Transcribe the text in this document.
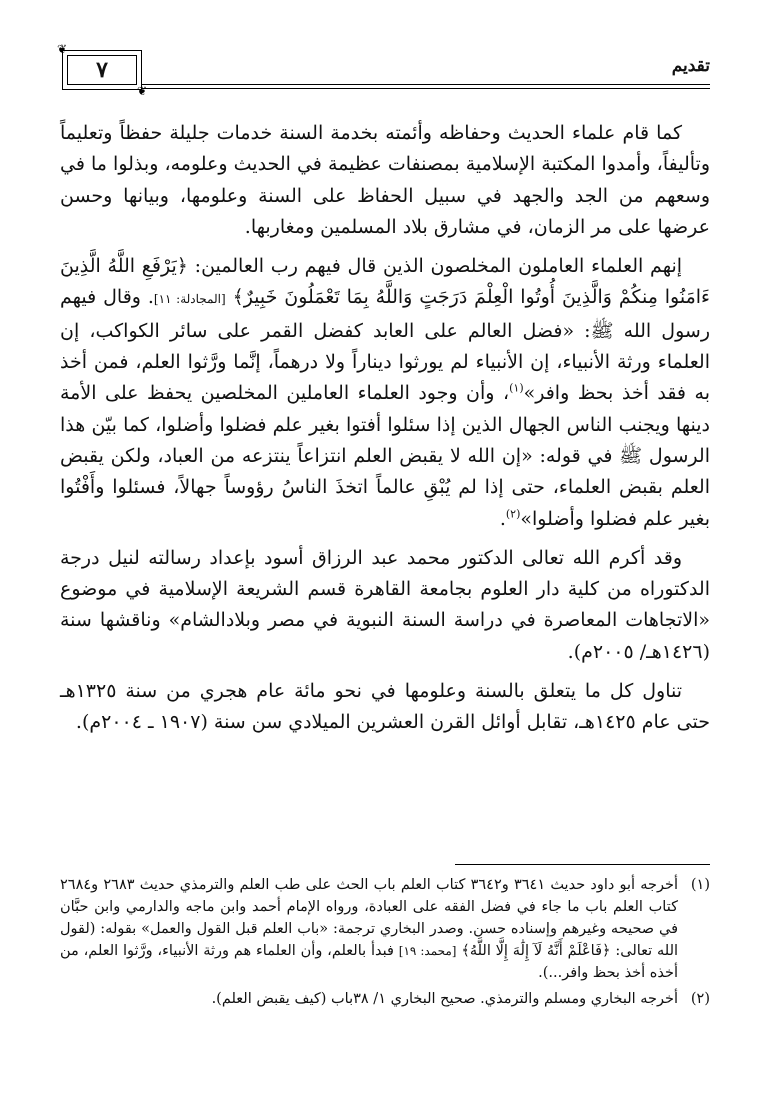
❦
❦
٧	تقديم

كما قام علماء الحديث وحفاظه وأئمته بخدمة السنة خدمات جليلة حفظاً وتعليماً وتأليفاً، وأمدوا المكتبة الإسلامية بمصنفات عظيمة في الحديث وعلومه، وبذلوا ما في وسعهم من الجد والجهد في سبيل الحفاظ على السنة وعلومها، وبيانها وحسن عرضها على مر الزمان، في مشارق بلاد المسلمين ومغاربها.

إنهم العلماء العاملون المخلصون الذين قال فيهم رب العالمين: ﴿يَرْفَعِ اللَّهُ الَّذِينَ ءَامَنُوا مِنكُمْ وَالَّذِينَ أُوتُوا الْعِلْمَ دَرَجَتٍ وَاللَّهُ بِمَا تَعْمَلُونَ خَبِيرٌ﴾ [المجادلة: ١١]. وقال فيهم رسول الله ﷺ: «فضل العالم على العابد كفضل القمر على سائر الكواكب، إن العلماء ورثة الأنبياء، إن الأنبياء لم يورثوا ديناراً ولا درهماً، إنَّما ورَّثوا العلم، فمن أخذ به فقد أخذ بحظ وافر»$^{(١)}$، وأن وجود العلماء العاملين المخلصين يحفظ على الأمة دينها ويجنب الناس الجهال الذين إذا سئلوا أفتوا بغير علم فضلوا وأضلوا، كما بيّن هذا الرسول ﷺ في قوله: «إن الله لا يقبض العلم انتزاعاً ينتزعه من العباد، ولكن يقبض العلم بقبض العلماء، حتى إذا لم يُبْقِ عالماً اتخذَ الناسُ رؤوساً جهالاً، فسئلوا وأَفْتُوا بغير علم فضلوا وأضلوا»$^{(٢)}$.

وقد أكرم الله تعالى الدكتور محمد عبد الرزاق أسود بإعداد رسالته لنيل درجة الدكتوراه من كلية دار العلوم بجامعة القاهرة قسم الشريعة الإسلامية في موضوع «الاتجاهات المعاصرة في دراسة السنة النبوية في مصر وبلادالشام» وناقشها سنة (١٤٢٦هـ/ ٢٠٠٥م).

تناول كل ما يتعلق بالسنة وعلومها في نحو مائة عام هجري من سنة ١٣٢٥هـ حتى عام ١٤٢٥هـ، تقابل أوائل القرن العشرين الميلادي سن سنة (١٩٠٧ ـ ٢٠٠٤م).

(١)
أخرجه أبو داود حديث ٣٦٤١ و٣٦٤٢ كتاب العلم باب الحث على طب العلم والترمذي حديث ٢٦٨٣ و٢٦٨٤ كتاب العلم باب ما جاء في فضل الفقه على العبادة، ورواه الإمام أحمد وابن ماجه والدارمي وابن حبَّان في صحيحه وغيرهم وإسناده حسن. وصدر البخاري ترجمة: «باب العلم قبل القول والعمل» بقوله: (لقول الله تعالى: ﴿فَاعْلَمْ أَنَّهُ لَآ إِلَٰهَ إِلَّا اللَّهُ﴾ [محمد: ١٩] فبدأ بالعلم، وأن العلماء هم ورثة الأنبياء، ورَّثوا العلم، من أخذه أخذ بحظ وافر...).
(٢)
أخرجه البخاري ومسلم والترمذي. صحيح البخاري ١/ ٣٨باب (كيف يقبض العلم).
